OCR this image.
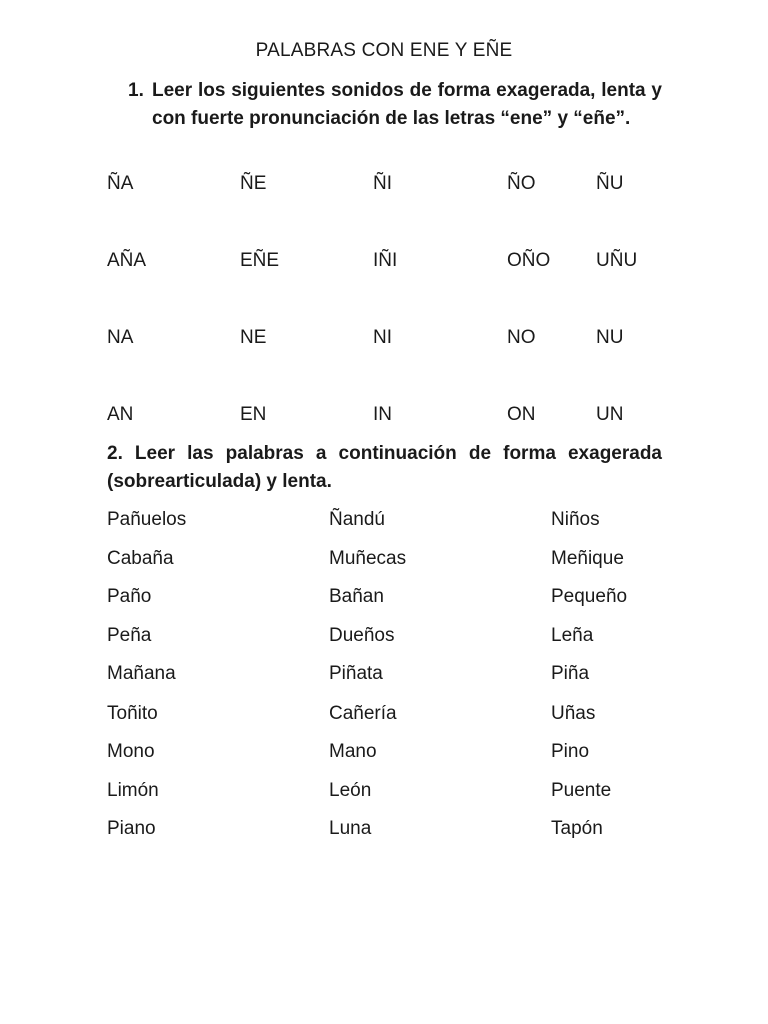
PALABRAS CON ENE Y EÑE
1. Leer los siguientes sonidos de forma exagerada, lenta y con fuerte pronunciación de las letras “ene” y “eñe”.
ÑA	ÑE	ÑI	ÑO	ÑU
AÑA	EÑE	IÑI	OÑO UÑU
NA	NE	NI	NO	NU
AN	EN	IN	ON	UN
2. Leer las palabras a continuación de forma exagerada (sobrearticulada) y lenta.
Pañuelos	Ñandú	Niños
Cabaña	Muñecas	Meñique
Paño	Bañan	Pequeño
Peña	Dueños	Leña
Mañana	Piñata	Piña
Toñito	Cañería	Uñas
Mono	Mano	Pino
Limón	León	Puente
Piano	Luna	Tapón
